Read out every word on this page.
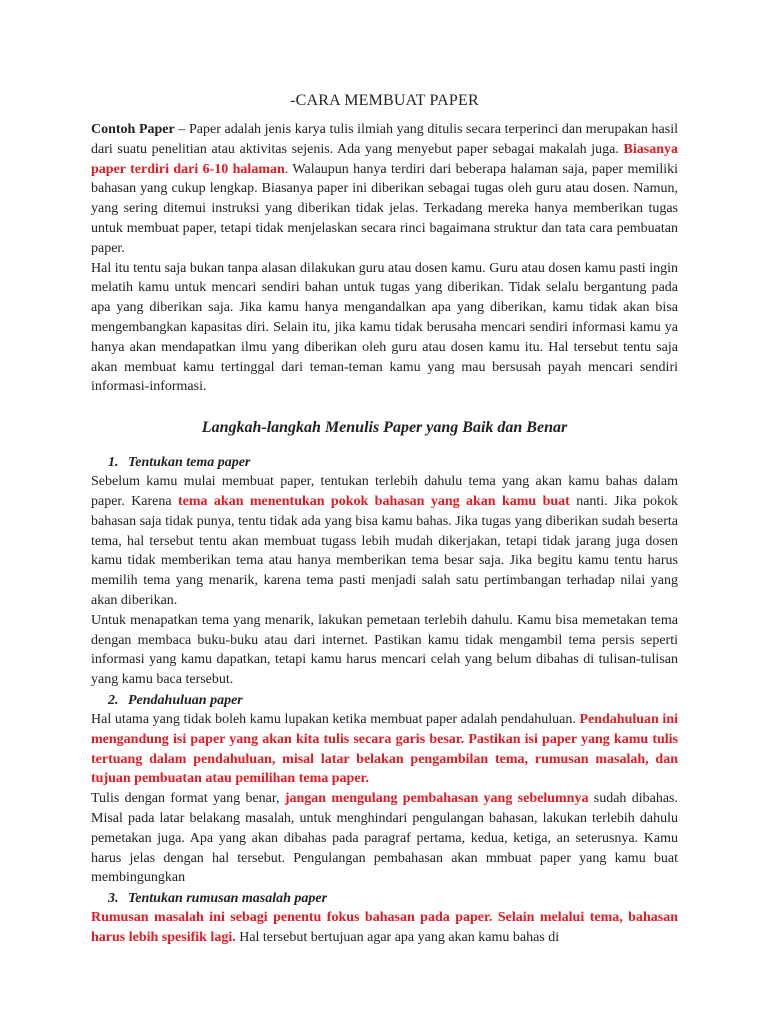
-CARA MEMBUAT PAPER

Contoh Paper – Paper adalah jenis karya tulis ilmiah yang ditulis secara terperinci dan merupakan hasil dari suatu penelitian atau aktivitas sejenis. Ada yang menyebut paper sebagai makalah juga. Biasanya paper terdiri dari 6-10 halaman. Walaupun hanya terdiri dari beberapa halaman saja, paper memiliki bahasan yang cukup lengkap. Biasanya paper ini diberikan sebagai tugas oleh guru atau dosen. Namun, yang sering ditemui instruksi yang diberikan tidak jelas. Terkadang mereka hanya memberikan tugas untuk membuat paper, tetapi tidak menjelaskan secara rinci bagaimana struktur dan tata cara pembuatan paper.

Hal itu tentu saja bukan tanpa alasan dilakukan guru atau dosen kamu. Guru atau dosen kamu pasti ingin melatih kamu untuk mencari sendiri bahan untuk tugas yang diberikan. Tidak selalu bergantung pada apa yang diberikan saja. Jika kamu hanya mengandalkan apa yang diberikan, kamu tidak akan bisa mengembangkan kapasitas diri. Selain itu, jika kamu tidak berusaha mencari sendiri informasi kamu ya hanya akan mendapatkan ilmu yang diberikan oleh guru atau dosen kamu itu. Hal tersebut tentu saja akan membuat kamu tertinggal dari teman-teman kamu yang mau bersusah payah mencari sendiri informasi-informasi.

Langkah-langkah Menulis Paper yang Baik dan Benar
1. Tentukan tema paper

Sebelum kamu mulai membuat paper, tentukan terlebih dahulu tema yang akan kamu bahas dalam paper. Karena tema akan menentukan pokok bahasan yang akan kamu buat nanti. Jika pokok bahasan saja tidak punya, tentu tidak ada yang bisa kamu bahas. Jika tugas yang diberikan sudah beserta tema, hal tersebut tentu akan membuat tugass lebih mudah dikerjakan, tetapi tidak jarang juga dosen kamu tidak memberikan tema atau hanya memberikan tema besar saja. Jika begitu kamu tentu harus memilih tema yang menarik, karena tema pasti menjadi salah satu pertimbangan terhadap nilai yang akan diberikan.

Untuk menapatkan tema yang menarik, lakukan pemetaan terlebih dahulu. Kamu bisa memetakan tema dengan membaca buku-buku atau dari internet. Pastikan kamu tidak mengambil tema persis seperti informasi yang kamu dapatkan, tetapi kamu harus mencari celah yang belum dibahas di tulisan-tulisan yang kamu baca tersebut.

2. Pendahuluan paper

Hal utama yang tidak boleh kamu lupakan ketika membuat paper adalah pendahuluan. Pendahuluan ini mengandung isi paper yang akan kita tulis secara garis besar. Pastikan isi paper yang kamu tulis tertuang dalam pendahuluan, misal latar belakan pengambilan tema, rumusan masalah, dan tujuan pembuatan atau pemilihan tema paper.

Tulis dengan format yang benar, jangan mengulang pembahasan yang sebelumnya sudah dibahas. Misal pada latar belakang masalah, untuk menghindari pengulangan bahasan, lakukan terlebih dahulu pemetakan juga. Apa yang akan dibahas pada paragraf pertama, kedua, ketiga, an seterusnya. Kamu harus jelas dengan hal tersebut. Pengulangan pembahasan akan mmbuat paper yang kamu buat membingungkan

3. Tentukan rumusan masalah paper

Rumusan masalah ini sebagi penentu fokus bahasan pada paper. Selain melalui tema, bahasan harus lebih spesifik lagi. Hal tersebut bertujuan agar apa yang akan kamu bahas di
